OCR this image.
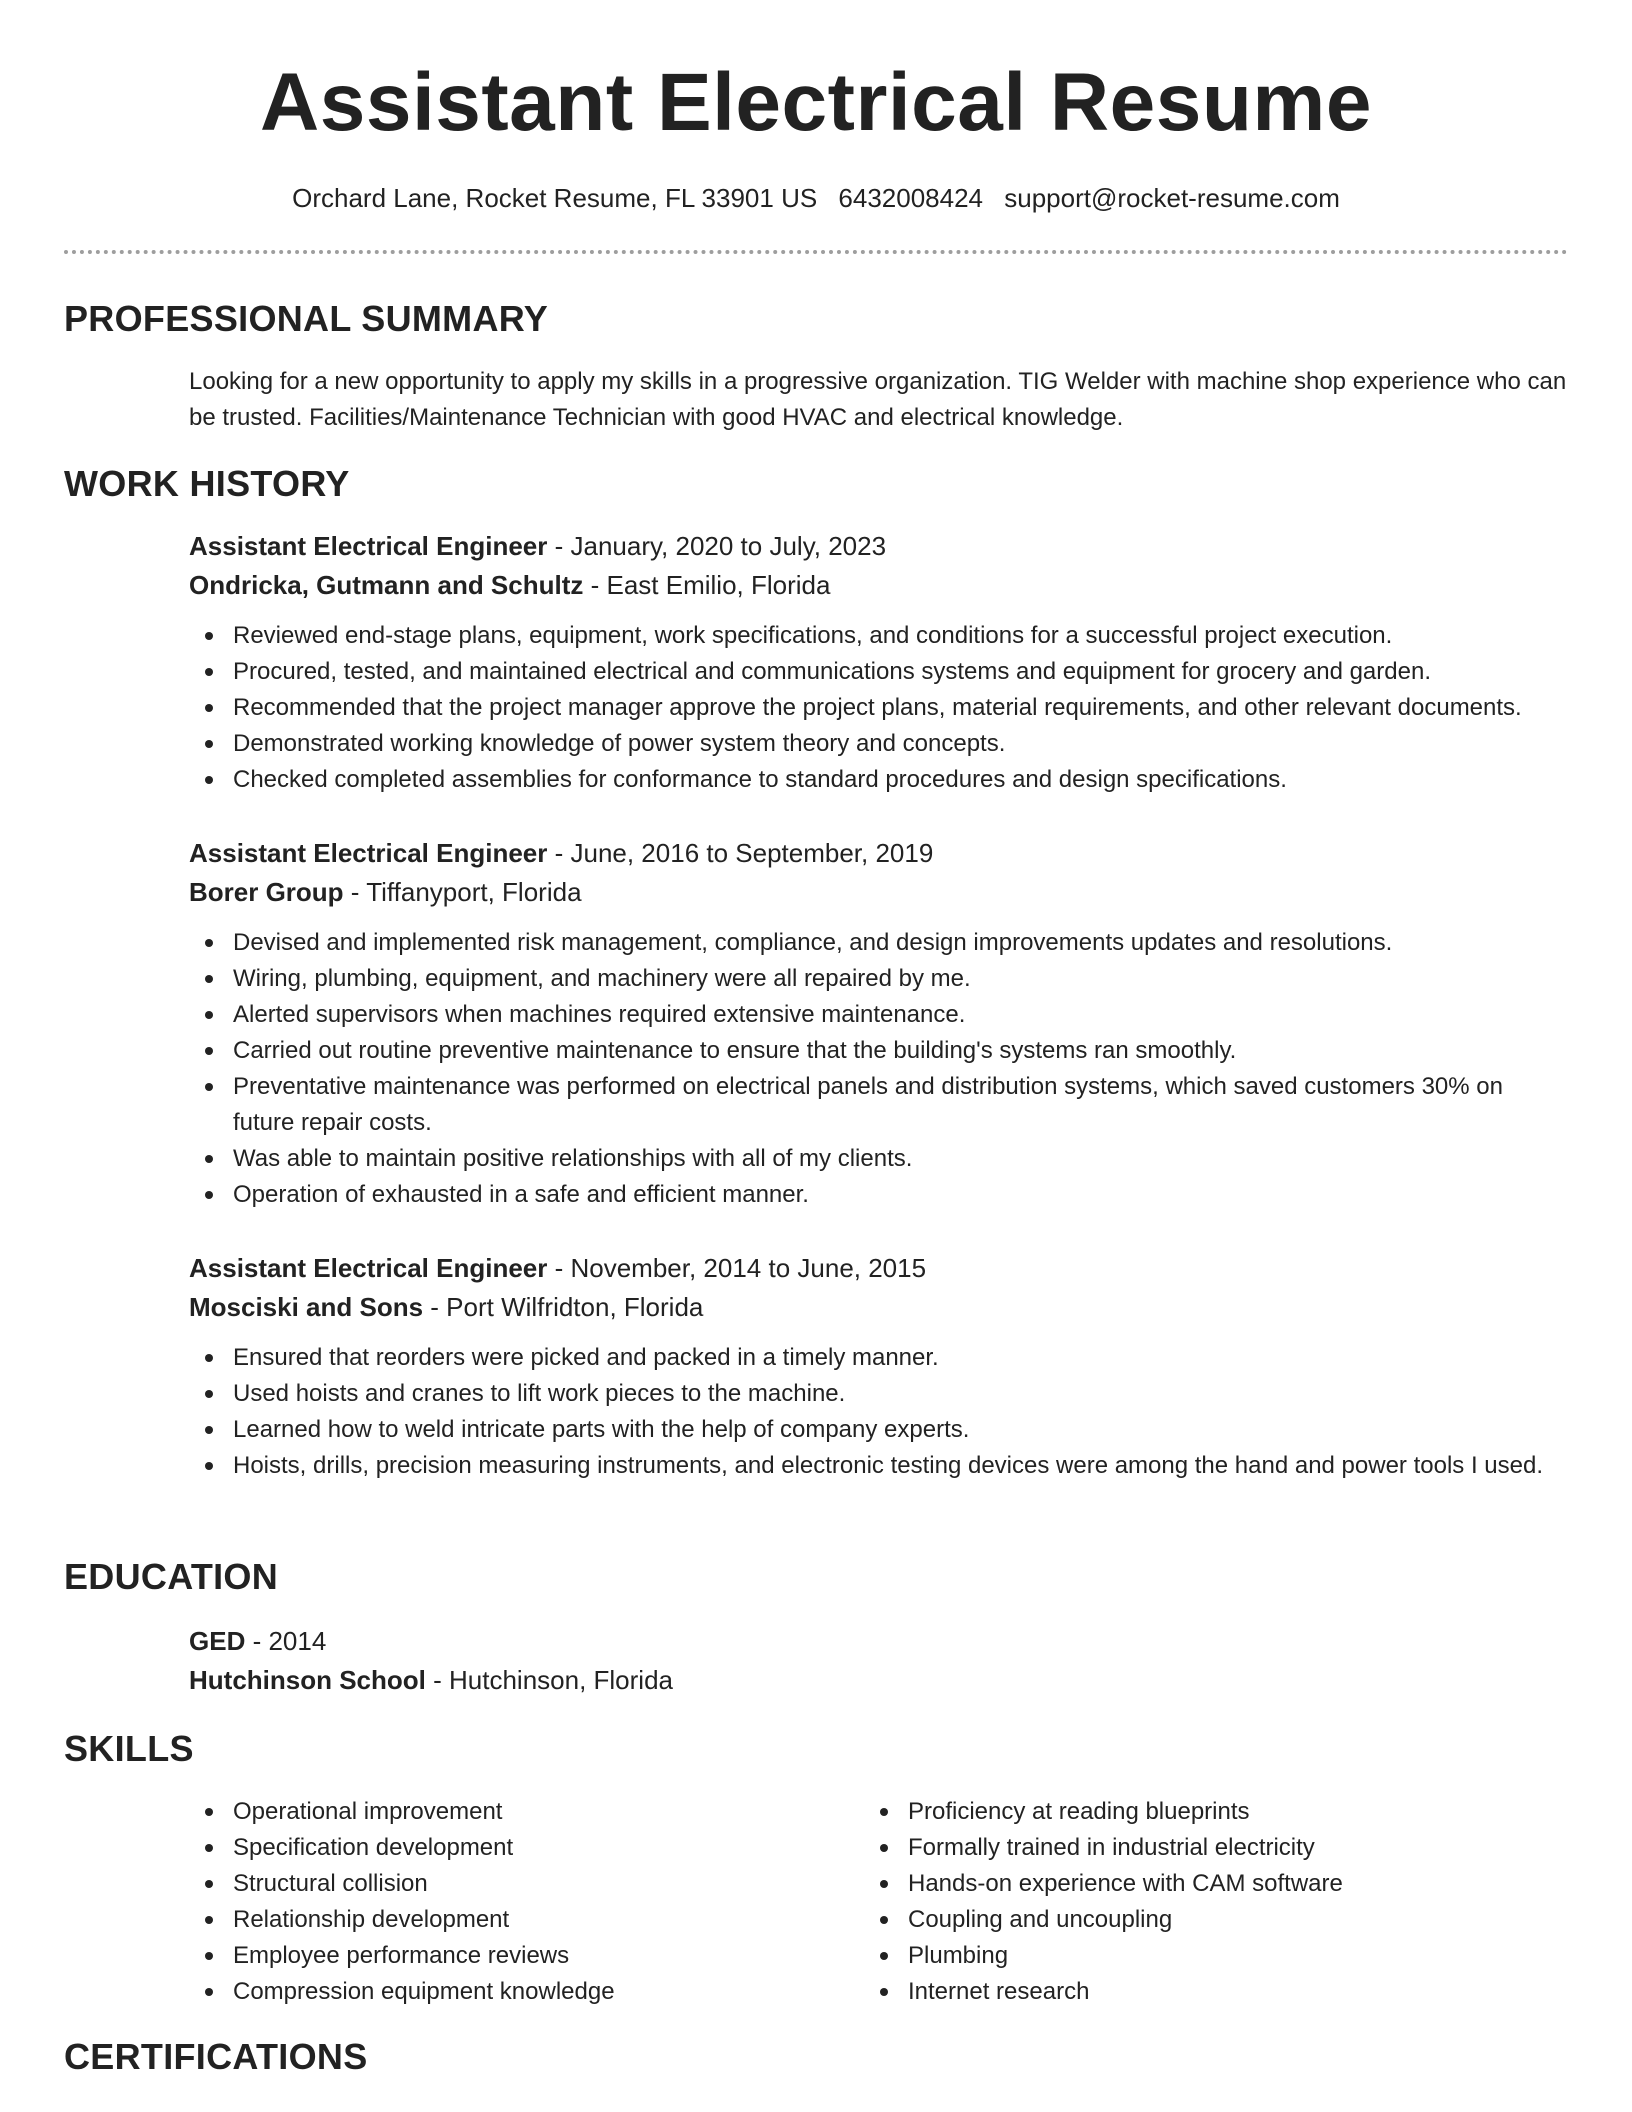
Assistant Electrical Resume
Orchard Lane, Rocket Resume, FL 33901 US 6432008424 support@rocket-resume.com
PROFESSIONAL SUMMARY
Looking for a new opportunity to apply my skills in a progressive organization. TIG Welder with machine shop experience who can be trusted. Facilities/Maintenance Technician with good HVAC and electrical knowledge.
WORK HISTORY
Assistant Electrical Engineer - January, 2020 to July, 2023
Ondricka, Gutmann and Schultz - East Emilio, Florida
Reviewed end-stage plans, equipment, work specifications, and conditions for a successful project execution.
Procured, tested, and maintained electrical and communications systems and equipment for grocery and garden.
Recommended that the project manager approve the project plans, material requirements, and other relevant documents.
Demonstrated working knowledge of power system theory and concepts.
Checked completed assemblies for conformance to standard procedures and design specifications.
Assistant Electrical Engineer - June, 2016 to September, 2019
Borer Group - Tiffanyport, Florida
Devised and implemented risk management, compliance, and design improvements updates and resolutions.
Wiring, plumbing, equipment, and machinery were all repaired by me.
Alerted supervisors when machines required extensive maintenance.
Carried out routine preventive maintenance to ensure that the building's systems ran smoothly.
Preventative maintenance was performed on electrical panels and distribution systems, which saved customers 30% on future repair costs.
Was able to maintain positive relationships with all of my clients.
Operation of exhausted in a safe and efficient manner.
Assistant Electrical Engineer - November, 2014 to June, 2015
Mosciski and Sons - Port Wilfridton, Florida
Ensured that reorders were picked and packed in a timely manner.
Used hoists and cranes to lift work pieces to the machine.
Learned how to weld intricate parts with the help of company experts.
Hoists, drills, precision measuring instruments, and electronic testing devices were among the hand and power tools I used.
EDUCATION
GED - 2014
Hutchinson School - Hutchinson, Florida
SKILLS
Operational improvement
Specification development
Structural collision
Relationship development
Employee performance reviews
Compression equipment knowledge
Proficiency at reading blueprints
Formally trained in industrial electricity
Hands-on experience with CAM software
Coupling and uncoupling
Plumbing
Internet research
CERTIFICATIONS
